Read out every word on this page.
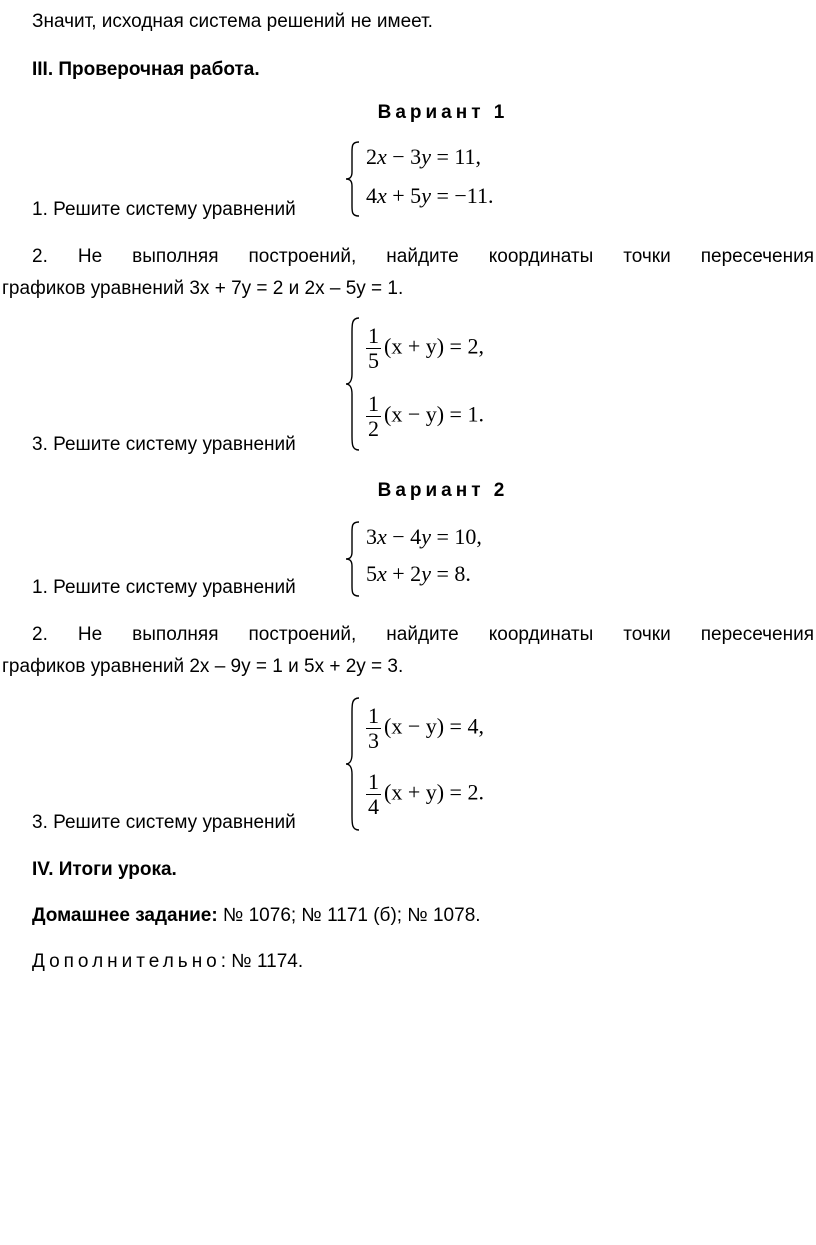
Значит, исходная система решений не имеет.
III. Проверочная работа.
Вариант 1
2x − 3y = 11,
4x + 5y = −11.
1. Решите систему уравнений
2. Не выполняя построений, найдите координаты точки пересечения
графиков уравнений 3x + 7y = 2 и 2x – 5y = 1.
$\frac{1}{5} (x + y) = 2$,
$\frac{1}{2} (x - y) = 1$.
3. Решите систему уравнений
Вариант 2
3x − 4y = 10,
5x + 2y = 8.
1. Решите систему уравнений
2. Не выполняя построений, найдите координаты точки пересечения
графиков уравнений 2x – 9y = 1 и 5x + 2y = 3.
$\frac{1}{3} (x - y) = 4$,
$\frac{1}{4} (x + y) = 2$.
3. Решите систему уравнений
IV. Итоги урока.
Домашнее задание: № 1076; № 1171 (б); № 1078.
Дополнительно: № 1174.
